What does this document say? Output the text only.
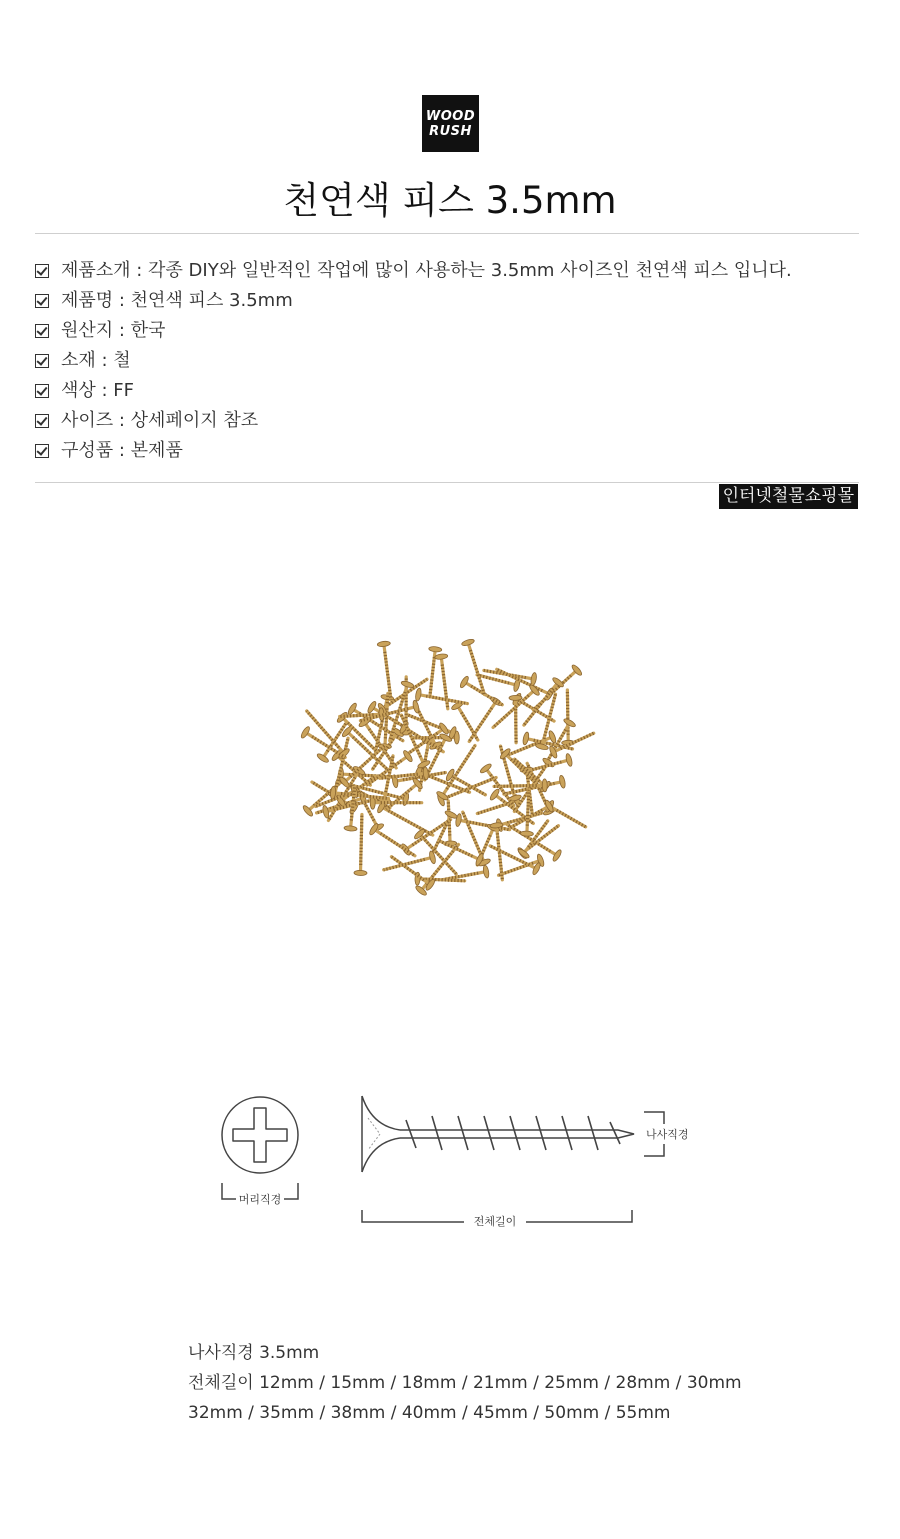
WOOD
RUSH
천연색 피스 3.5mm
제품소개 : 각종 DIY와 일반적인 작업에 많이 사용하는 3.5mm 사이즈인 천연색 피스 입니다.
제품명 : 천연색 피스 3.5mm
원산지 : 한국
소재 : 철
색상 : FF
사이즈 : 상세페이지 참조
구성품 : 본제품
인터넷철물쇼핑몰
머리직경
나사직경
전체길이
나사직경 3.5mm
전체길이 12mm / 15mm / 18mm / 21mm / 25mm / 28mm / 30mm
32mm / 35mm / 38mm / 40mm / 45mm / 50mm / 55mm
